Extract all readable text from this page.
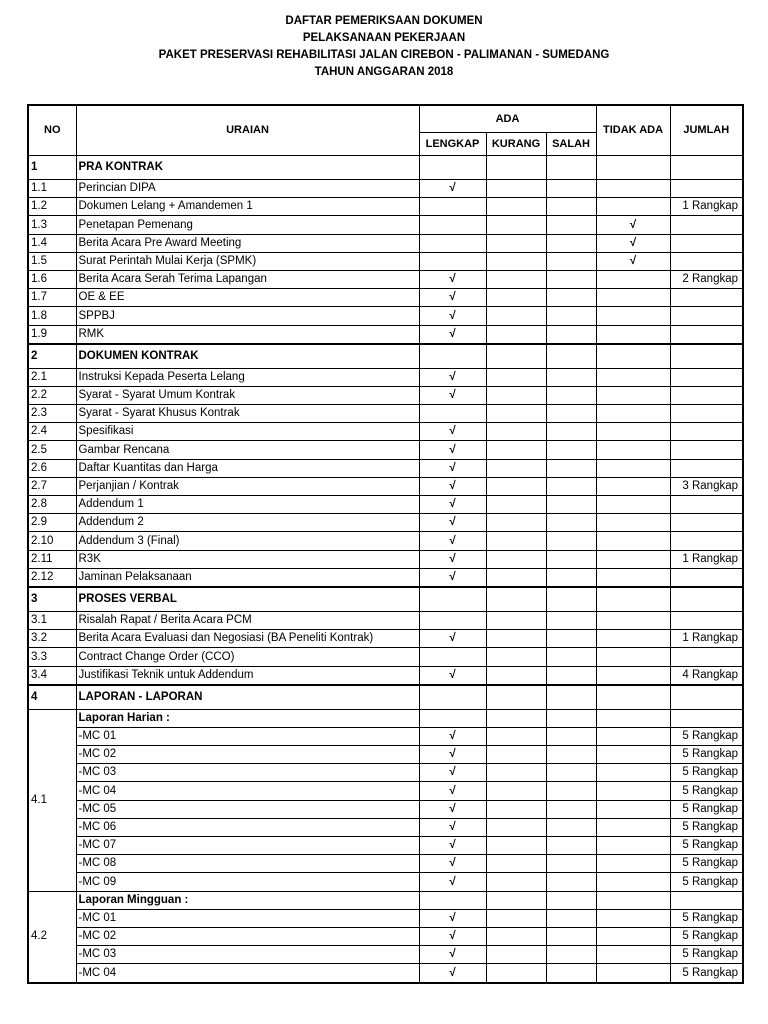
DAFTAR PEMERIKSAAN DOKUMEN
PELAKSANAAN PEKERJAAN
PAKET PRESERVASI REHABILITASI JALAN CIREBON - PALIMANAN - SUMEDANG
TAHUN ANGGARAN 2018
NO	URAIAN	ADA			TIDAK ADA	JUMLAH
		LENGKAP	KURANG	SALAH		
1	PRA KONTRAK					
1.1	Perincian DIPA	√				
1.2	Dokumen Lelang + Amandemen 1					1 Rangkap
1.3	Penetapan Pemenang				√	
1.4	Berita Acara Pre Award Meeting				√	
1.5	Surat Perintah Mulai Kerja (SPMK)				√	
1.6	Berita Acara Serah Terima Lapangan	√				2 Rangkap
1.7	OE & EE	√				
1.8	SPPBJ	√				
1.9	RMK	√				
2	DOKUMEN KONTRAK					
2.1	Instruksi Kepada Peserta Lelang	√				
2.2	Syarat - Syarat Umum Kontrak	√				
2.3	Syarat - Syarat Khusus Kontrak					
2.4	Spesifikasi	√				
2.5	Gambar Rencana	√				
2.6	Daftar Kuantitas dan Harga	√				
2.7	Perjanjian / Kontrak	√				3 Rangkap
2.8	Addendum 1	√				
2.9	Addendum 2	√				
2.10	Addendum 3 (Final)	√				
2.11	R3K	√				1 Rangkap
2.12	Jaminan Pelaksanaan	√				
3	PROSES VERBAL					
3.1	Risalah Rapat / Berita Acara PCM					
3.2	Berita Acara Evaluasi dan Negosiasi (BA Peneliti Kontrak)	√				1 Rangkap
3.3	Contract Change Order (CCO)					
3.4	Justifikasi Teknik untuk Addendum	√				4 Rangkap
4	LAPORAN - LAPORAN					
4.1	Laporan Harian :					
	-MC 01	√				5 Rangkap
	-MC 02	√				5 Rangkap
	-MC 03	√				5 Rangkap
	-MC 04	√				5 Rangkap
	-MC 05	√				5 Rangkap
	-MC 06	√				5 Rangkap
	-MC 07	√				5 Rangkap
	-MC 08	√				5 Rangkap
	-MC 09	√				5 Rangkap
4.2	Laporan Mingguan :					
	-MC 01	√				5 Rangkap
	-MC 02	√				5 Rangkap
	-MC 03	√				5 Rangkap
	-MC 04	√				5 Rangkap
